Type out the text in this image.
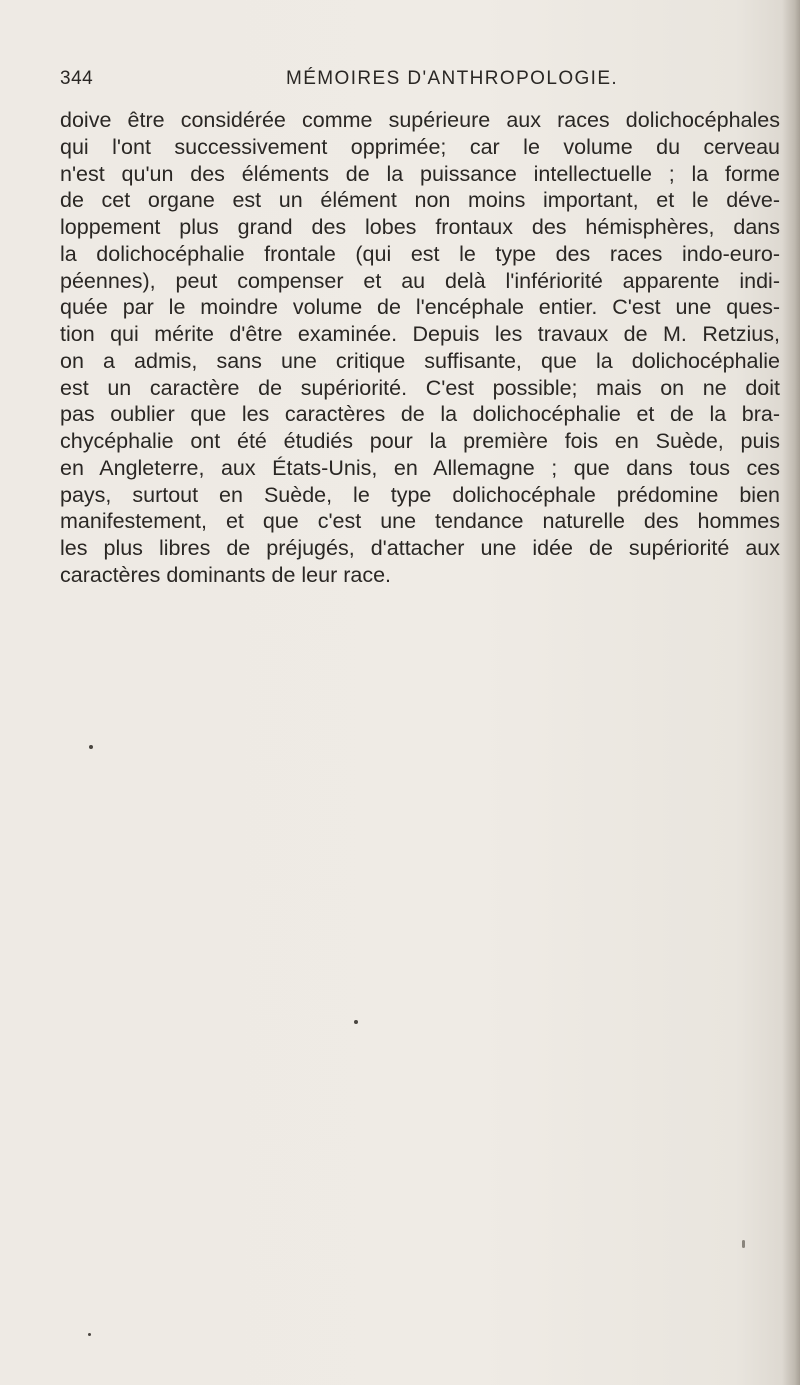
344	MÉMOIRES D'ANTHROPOLOGIE.

doive être considérée comme supérieure aux races dolichocéphales
qui l'ont successivement opprimée; car le volume du cerveau
n'est qu'un des éléments de la puissance intellectuelle ; la forme
de cet organe est un élément non moins important, et le déve-
loppement plus grand des lobes frontaux des hémisphères, dans
la dolichocéphalie frontale (qui est le type des races indo-euro-
péennes), peut compenser et au delà l'infériorité apparente indi-
quée par le moindre volume de l'encéphale entier. C'est une ques-
tion qui mérite d'être examinée. Depuis les travaux de M. Retzius,
on a admis, sans une critique suffisante, que la dolichocéphalie
est un caractère de supériorité. C'est possible; mais on ne doit
pas oublier que les caractères de la dolichocéphalie et de la bra-
chycéphalie ont été étudiés pour la première fois en Suède, puis
en Angleterre, aux États-Unis, en Allemagne ; que dans tous ces
pays, surtout en Suède, le type dolichocéphale prédomine bien
manifestement, et que c'est une tendance naturelle des hommes
les plus libres de préjugés, d'attacher une idée de supériorité aux
caractères dominants de leur race.
